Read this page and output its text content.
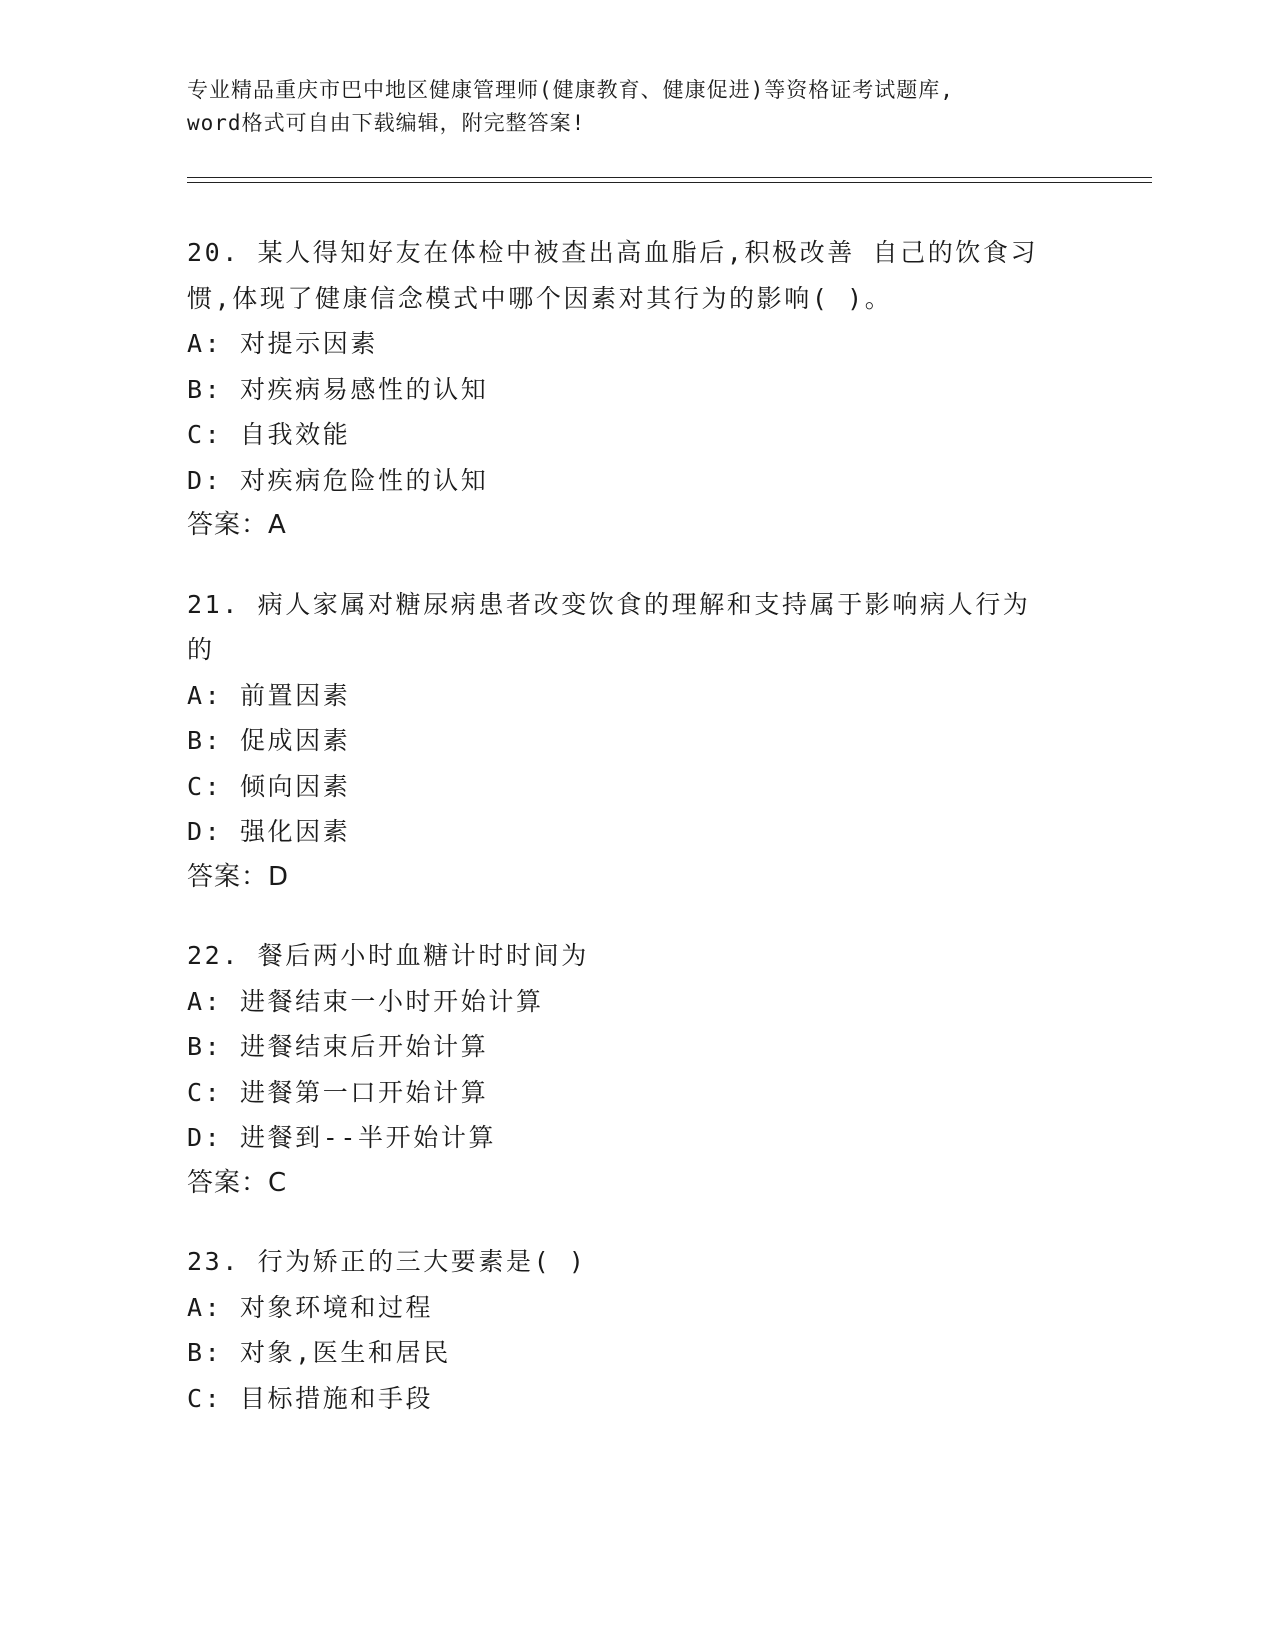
专业精品重庆市巴中地区健康管理师(健康教育、健康促进)等资格证考试题库,
word格式可自由下载编辑，附完整答案!
20. 某人得知好友在体检中被查出高血脂后,积极改善 自己的饮食习
惯,体现了健康信念模式中哪个因素对其行为的影响( )。
A: 对提示因素
B: 对疾病易感性的认知
C: 自我效能
D: 对疾病危险性的认知
答案：A
21. 病人家属对糖尿病患者改变饮食的理解和支持属于影响病人行为
的
A: 前置因素
B: 促成因素
C: 倾向因素
D: 强化因素
答案：D
22. 餐后两小时血糖计时时间为
A: 进餐结束一小时开始计算
B: 进餐结束后开始计算
C: 进餐第一口开始计算
D: 进餐到--半开始计算
答案：C
23. 行为矫正的三大要素是( )
A: 对象环境和过程
B: 对象,医生和居民
C: 目标措施和手段
